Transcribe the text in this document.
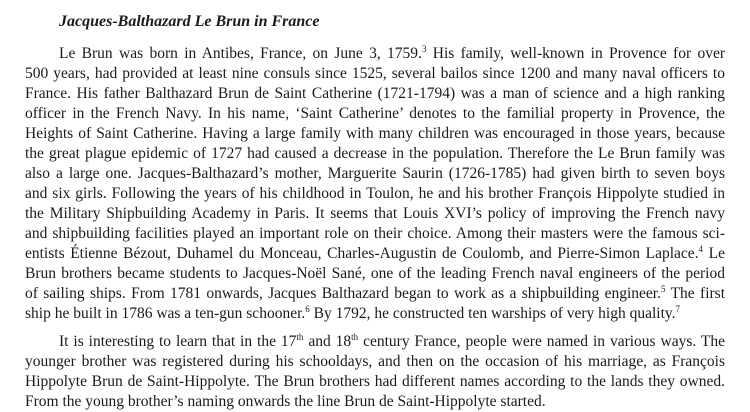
Jacques-Balthazard Le Brun in France
Le Brun was born in Antibes, France, on June 3, 1759.$^3$ His family, well-known in Provence for over
500 years, had provided at least nine consuls since 1525, several bailos since 1200 and many naval officers to
France. His father Balthazard Brun de Saint Catherine (1721-1794) was a man of science and a high ranking
officer in the French Navy. In his name, ‘Saint Catherine’ denotes to the familial property in Provence, the
Heights of Saint Catherine. Having a large family with many children was encouraged in those years, because
the great plague epidemic of 1727 had caused a decrease in the population. Therefore the Le Brun family was
also a large one. Jacques-Balthazard’s mother, Marguerite Saurin (1726-1785) had given birth to seven boys
and six girls. Following the years of his childhood in Toulon, he and his brother François Hippolyte studied in
the Military Shipbuilding Academy in Paris. It seems that Louis XVI’s policy of improving the French navy
and shipbuilding facilities played an important role on their choice. Among their masters were the famous sci-
entists Étienne Bézout, Duhamel du Monceau, Charles-Augustin de Coulomb, and Pierre-Simon Laplace.$^4$ Le
Brun brothers became students to Jacques-Noël Sané, one of the leading French naval engineers of the period
of sailing ships. From 1781 onwards, Jacques Balthazard began to work as a shipbuilding engineer.$^5$ The first
ship he built in 1786 was a ten-gun schooner.$^6$ By 1792, he constructed ten warships of very high quality.$^7$
It is interesting to learn that in the 17th and 18th century France, people were named in various ways. The
younger brother was registered during his schooldays, and then on the occasion of his marriage, as François
Hippolyte Brun de Saint-Hippolyte. The Brun brothers had different names according to the lands they owned.
From the young brother’s naming onwards the line Brun de Saint-Hippolyte started.
